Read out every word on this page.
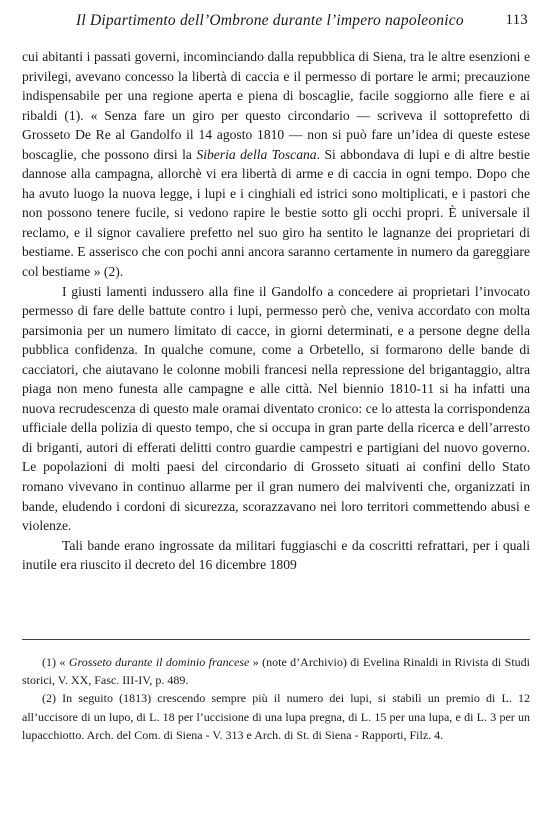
Il Dipartimento dell’Ombrone durante l’impero napoleonico	113

cui abitanti i passati governi, incominciando dalla repubblica di Siena, tra le altre esenzioni e privilegi, avevano concesso la libertà di caccia e il permesso di portare le armi; precauzione indispensabile per una regione aperta e piena di boscaglie, facile soggiorno alle fiere e ai ribaldi (1). « Senza fare un giro per questo circondario — scriveva il sottoprefetto di Grosseto De Re al Gandolfo il 14 agosto 1810 — non si può fare un’idea di queste estese boscaglie, che possono dirsi la Siberia della Toscana. Si abbondava di lupi e di altre bestie dannose alla campagna, allorchè vi era libertà di arme e di caccia in ogni tempo. Dopo che ha avuto luogo la nuova legge, i lupi e i cinghiali ed istrici sono moltiplicati, e i pastori che non possono tenere fucile, si vedono rapire le bestie sotto gli occhi propri. È universale il reclamo, e il signor cavaliere prefetto nel suo giro ha sentito le lagnanze dei proprietari di bestiame. E asserisco che con pochi anni ancora saranno certamente in numero da gareggiare col bestiame » (2).

I giusti lamenti indussero alla fine il Gandolfo a concedere ai proprietari l’invocato permesso di fare delle battute contro i lupi, permesso però che, veniva accordato con molta parsimonia per un numero limitato di cacce, in giorni determinati, e a persone degne della pubblica confidenza. In qualche comune, come a Orbetello, si formarono delle bande di cacciatori, che aiutavano le colonne mobili francesi nella repressione del brigantaggio, altra piaga non meno funesta alle campagne e alle città. Nel biennio 1810-11 si ha infatti una nuova recrudescenza di questo male oramai diventato cronico: ce lo attesta la corrispondenza ufficiale della polizia di questo tempo, che si occupa in gran parte della ricerca e dell’arresto di briganti, autori di efferati delitti contro guardie campestri e partigiani del nuovo governo. Le popolazioni di molti paesi del circondario di Grosseto situati ai confini dello Stato romano vivevano in continuo allarme per il gran numero dei malviventi che, organizzati in bande, eludendo i cordoni di sicurezza, scorazzavano nei loro territori commettendo abusi e violenze.

Tali bande erano ingrossate da militari fuggiaschi e da coscritti refrattari, per i quali inutile era riuscito il decreto del 16 dicembre 1809

(1) « Grosseto durante il dominio francese » (note d’Archivio) di Evelina Rinaldi in Rivista di Studi storici, V. XX, Fasc. III-IV, p. 489.

(2) In seguito (1813) crescendo sempre più il numero dei lupi, si stabilì un premio di L. 12 all’uccisore di un lupo, di L. 18 per l’uccisione di una lupa pregna, di L. 15 per una lupa, e di L. 3 per un lupacchiotto. Arch. del Com. di Siena - V. 313 e Arch. di St. di Siena - Rapporti, Filz. 4.
